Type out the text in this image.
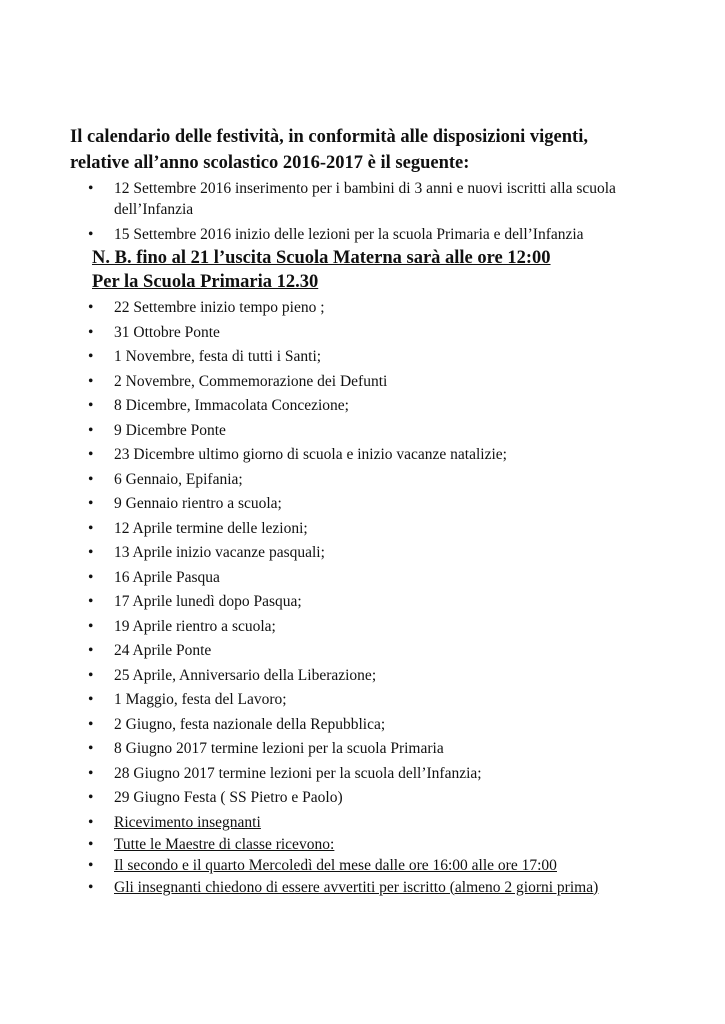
Il calendario delle festività, in conformità alle disposizioni vigenti,
relative all’anno scolastico 2016-2017 è il seguente:
• 12 Settembre 2016 inserimento per i bambini di 3 anni e nuovi iscritti alla scuola dell’Infanzia
• 15 Settembre 2016 inizio delle lezioni per la scuola Primaria e dell’Infanzia

N. B. fino al 21 l’uscita Scuola Materna sarà alle ore 12:00
Per la Scuola Primaria 12.30

• 22 Settembre inizio tempo pieno ;
• 31 Ottobre Ponte
• 1 Novembre, festa di tutti i Santi;
• 2 Novembre, Commemorazione dei Defunti
• 8 Dicembre, Immacolata Concezione;
• 9 Dicembre Ponte
• 23 Dicembre ultimo giorno di scuola e inizio vacanze natalizie;
• 6 Gennaio, Epifania;
• 9 Gennaio rientro a scuola;
• 12 Aprile termine delle lezioni;
• 13 Aprile inizio vacanze pasquali;
• 16 Aprile Pasqua
• 17 Aprile lunedì dopo Pasqua;
• 19 Aprile rientro a scuola;
• 24 Aprile Ponte
• 25 Aprile, Anniversario della Liberazione;
• 1 Maggio, festa del Lavoro;
• 2 Giugno, festa nazionale della Repubblica;
• 8 Giugno 2017 termine lezioni per la scuola Primaria
• 28 Giugno 2017 termine lezioni per la scuola dell’Infanzia;
• 29 Giugno Festa ( SS Pietro e Paolo)
• Ricevimento insegnanti
• Tutte le Maestre di classe ricevono:
• Il secondo e il quarto Mercoledì del mese dalle ore 16:00 alle ore 17:00
• Gli insegnanti chiedono di essere avvertiti per iscritto (almeno 2 giorni prima)
